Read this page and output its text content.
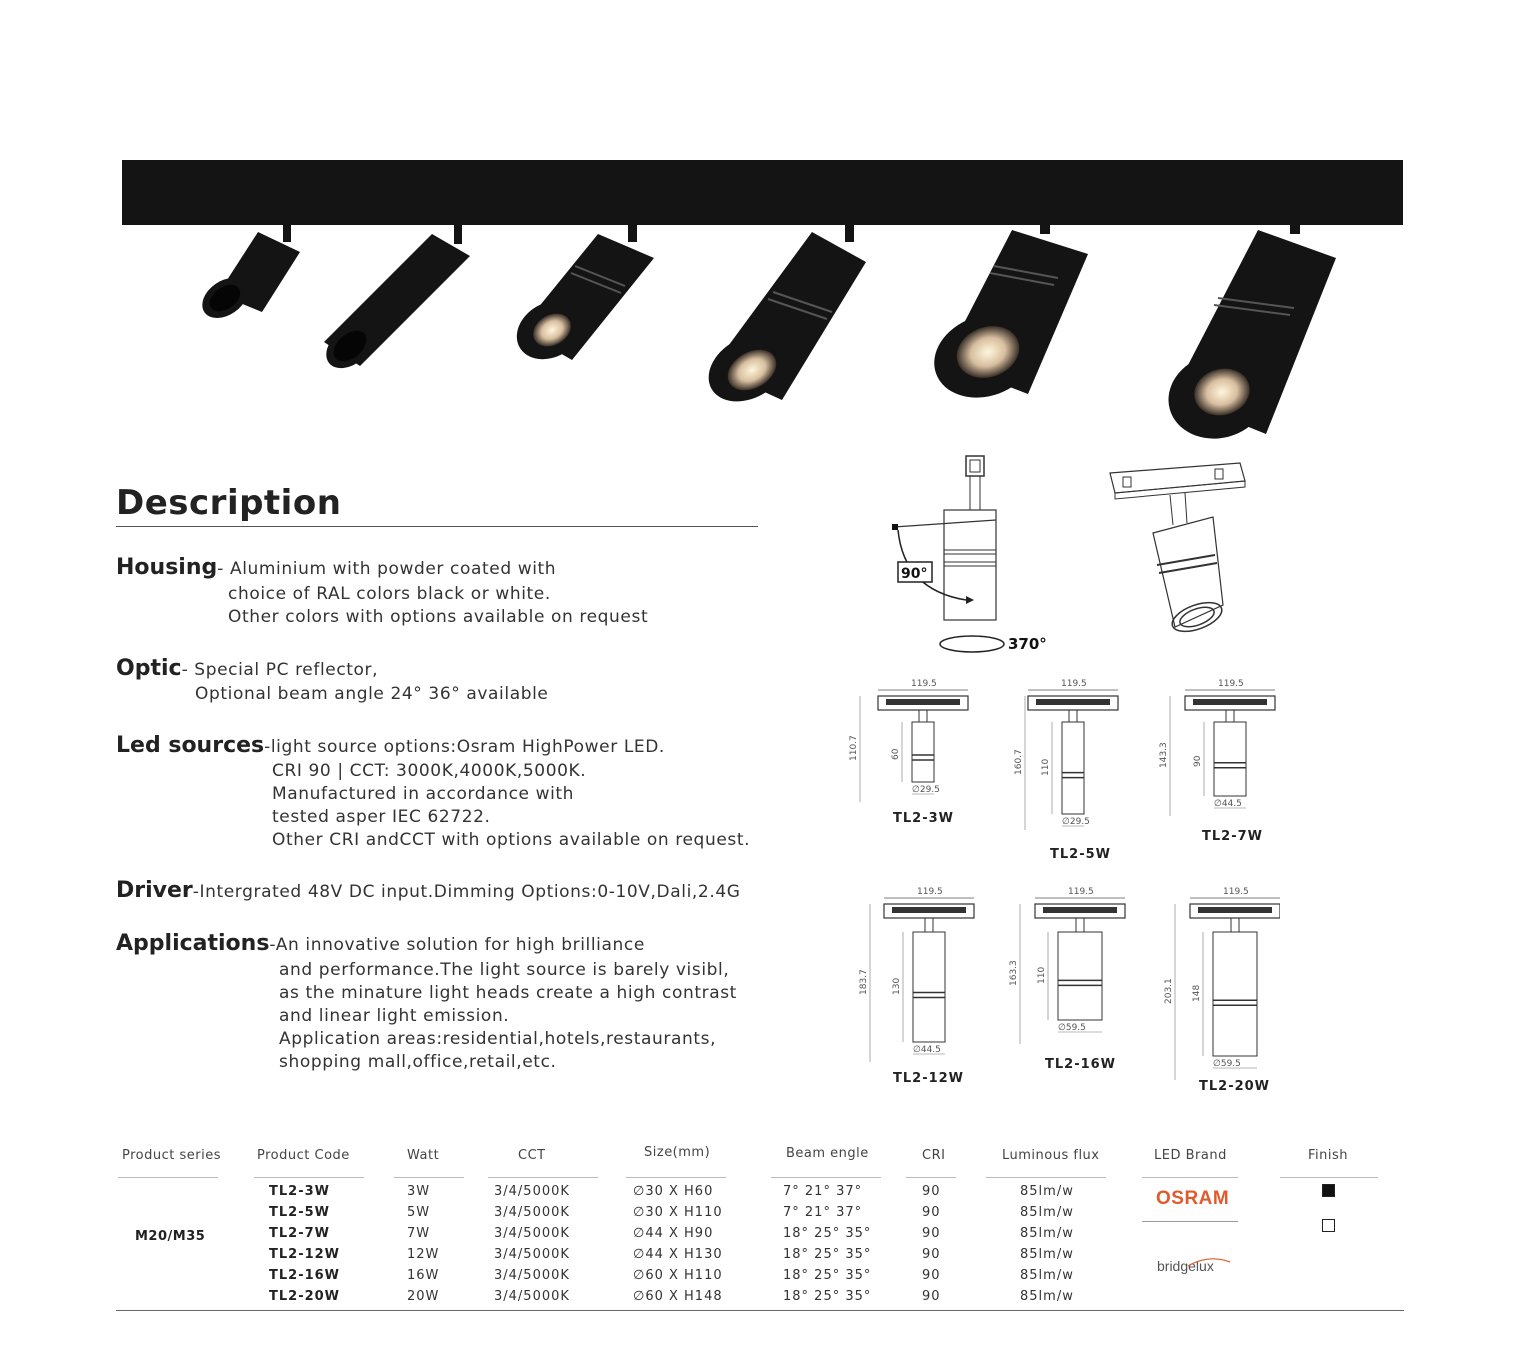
Description
Housing- Aluminium with powder coated with
choice of RAL colors black or white.
Other colors with options available on request
Optic- Special PC reflector,
Optional beam angle 24° 36° available
Led sources-light source options:Osram HighPower LED.
CRI 90 | CCT: 3000K,4000K,5000K.
Manufactured in accordance with
tested asper IEC 62722.
Other CRI andCCT with options available on request.
Driver-Intergrated 48V DC input.Dimming Options:0-10V,Dali,2.4G
Applications-An innovative solution for high brilliance
and performance.The light source is barely visibl,
as the minature light heads create a high contrast
and linear light emission.
Application areas:residential,hotels,restaurants,
shopping mall,office,retail,etc.
90°
370°
119.5
60
110.7
∅29.5
119.5
110
160.7
∅29.5
119.5
90
143.3
∅44.5
119.5
130
183.7
∅44.5
119.5
110
163.3
∅59.5
119.5
148
203.1
∅59.5
TL2-3W
TL2-5W
TL2-7W
TL2-12W
TL2-16W
TL2-20W
Product series	Product Code	Watt	CCT	Size(mm)	Beam engle	CRI	Luminous flux	LED Brand	Finish
TL2-3W	3W	3/4/5000K	∅30 X H60	7° 21° 37°	90	85lm/w
TL2-5W	5W	3/4/5000K	∅30 X H110	7° 21° 37°	90	85lm/w
TL2-7W	7W	3/4/5000K	∅44 X H90	18° 25° 35°	90	85lm/w
TL2-12W	12W	3/4/5000K	∅44 X H130	18° 25° 35°	90	85lm/w
TL2-16W	16W	3/4/5000K	∅60 X H110	18° 25° 35°	90	85lm/w
TL2-20W	20W	3/4/5000K	∅60 X H148	18° 25° 35°	90	85lm/w
M20/M35
OSRAM
bridgelux
